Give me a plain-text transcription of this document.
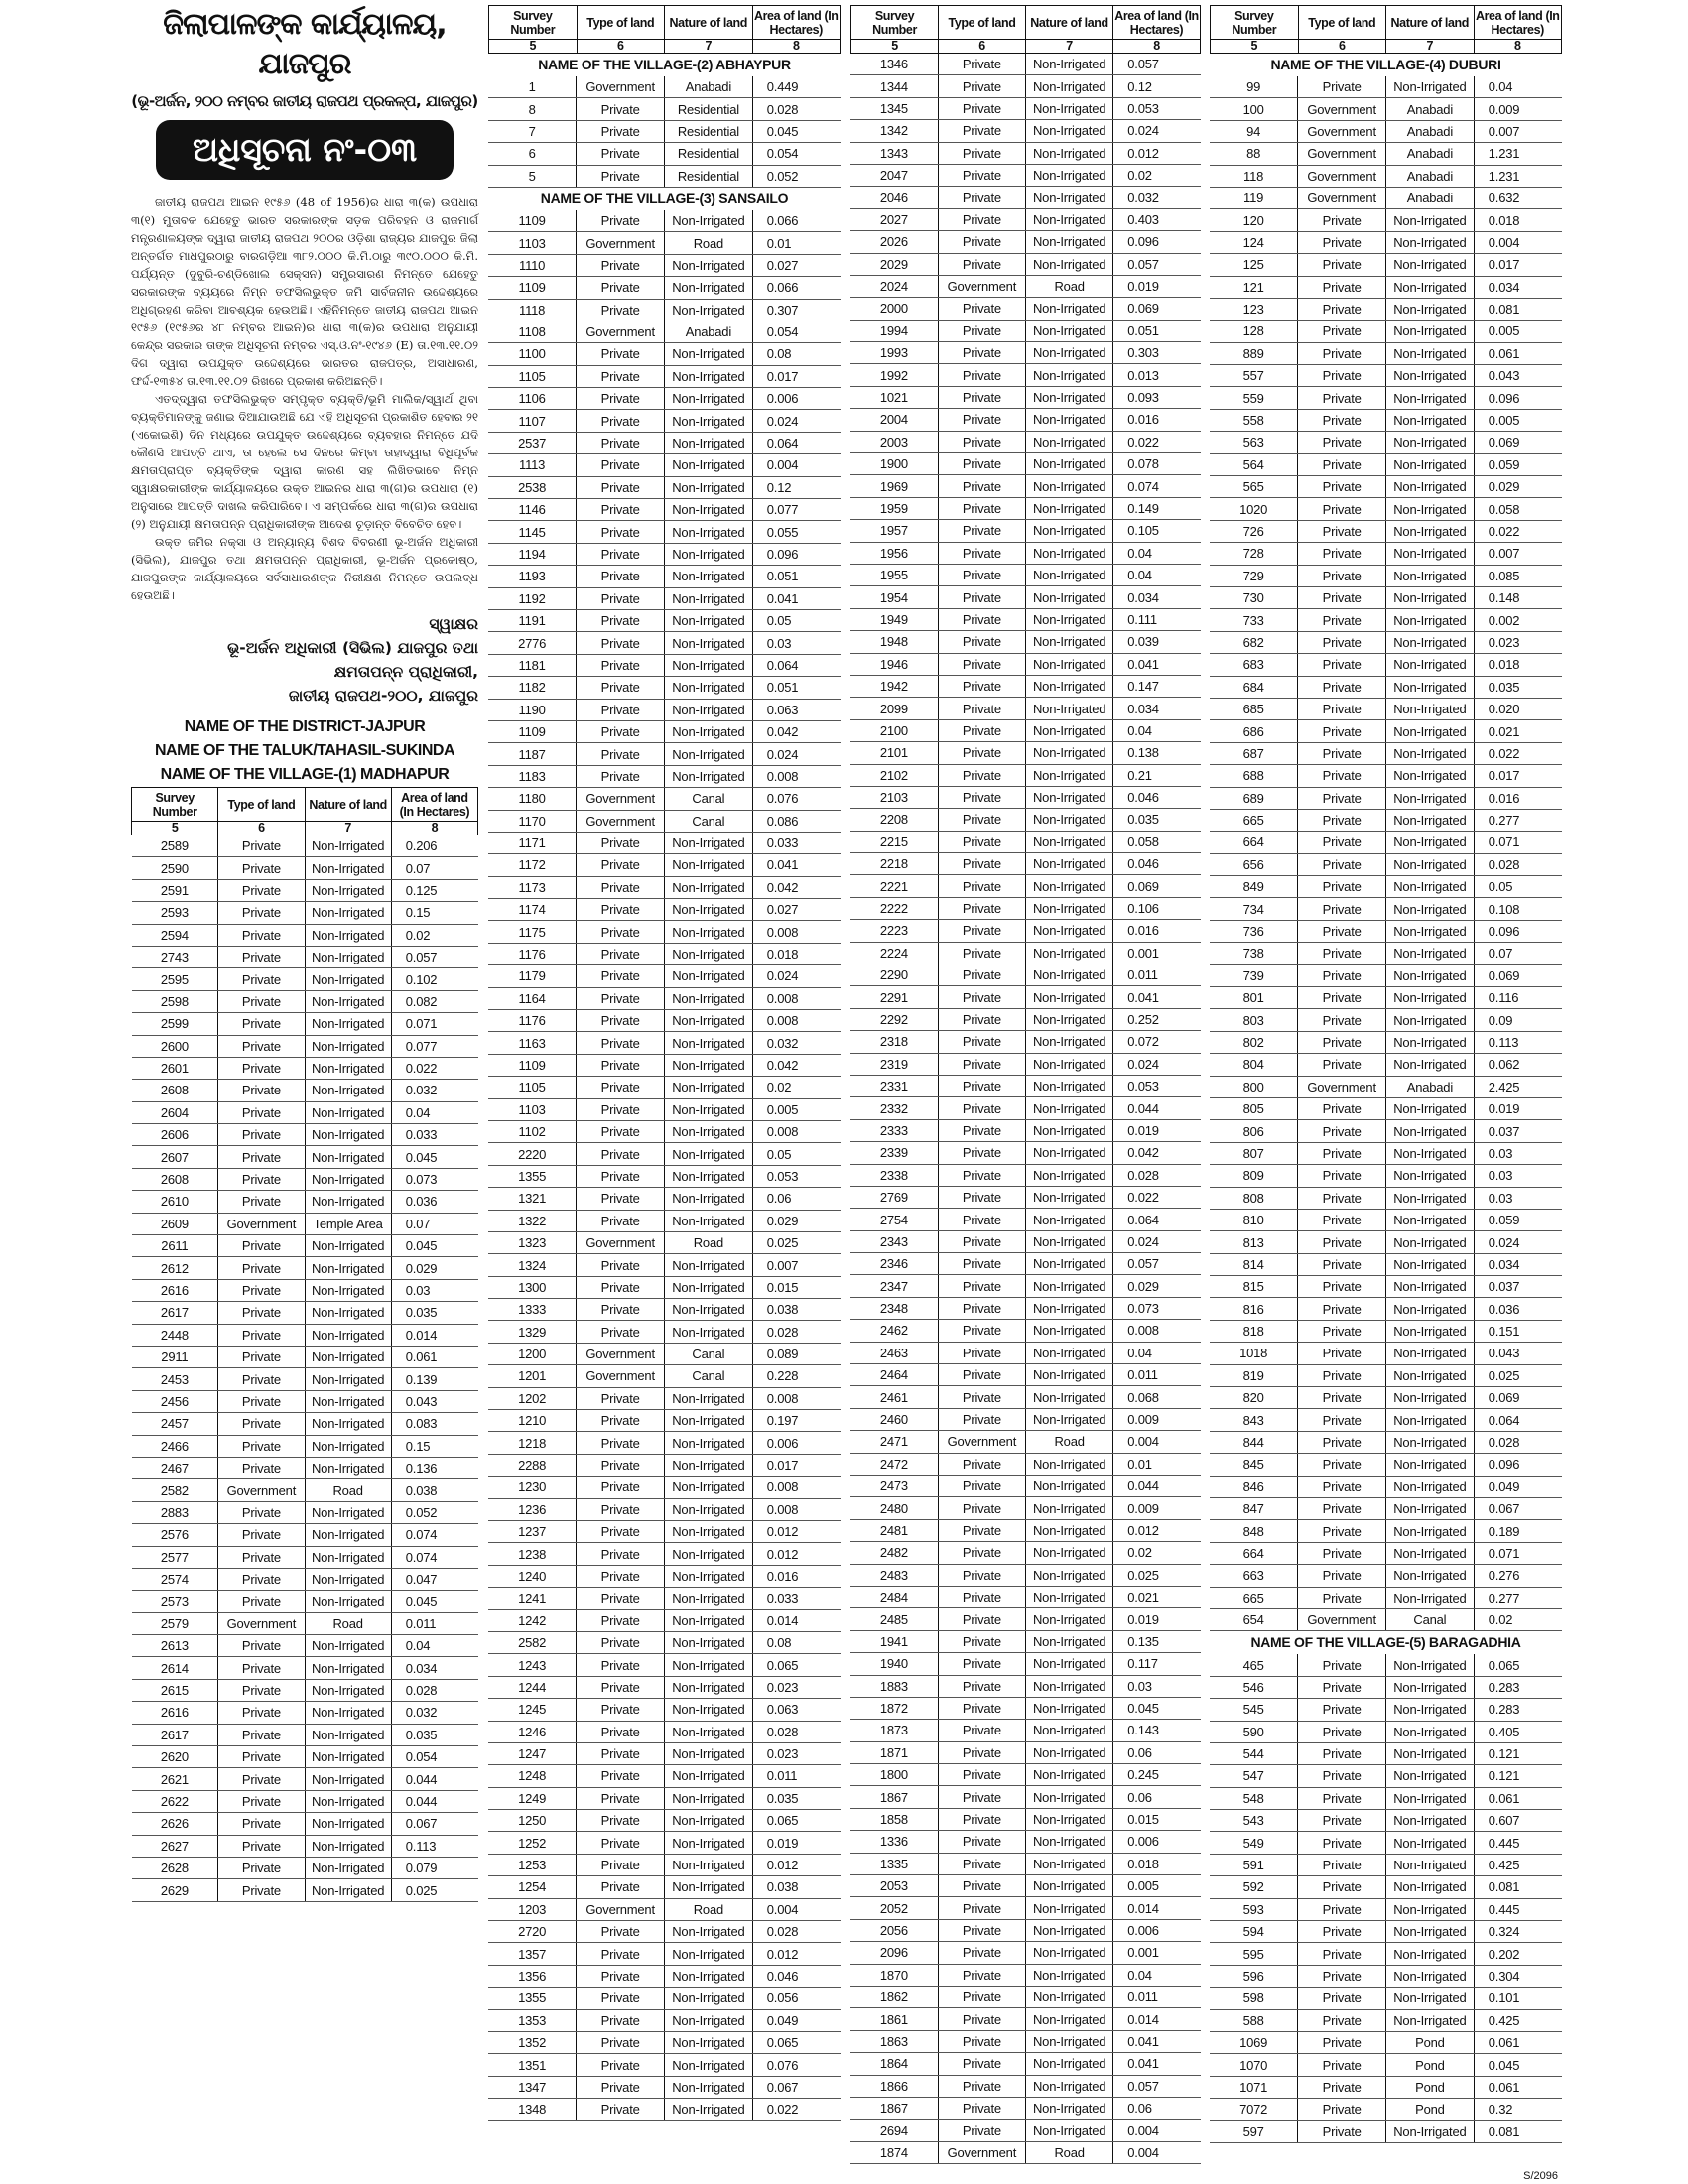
ଜିଲାପାଳଙ୍କ କାର୍ଯ୍ୟାଳୟ, ଯାଜପୁର
(ଭୂ-ଅର୍ଜନ, ୨୦୦ ନମ୍ବର ଜାତୀୟ ରାଜପଥ ପ୍ରକଳ୍ପ, ଯାଜପୁର)
ଅଧିସୂଚନା ନଂ-୦୩

ଜାତୀୟ ରାଜପଥ ଆଇନ ୧୯୫୬ (48 of 1956)ର ଧାରା ୩(କ) ଉପଧାରା ୩(୧) ମୁତାବକ ଯେହେତୁ ଭାରତ ସରକାରଙ୍କ ସଡ଼କ ପରିବହନ ଓ ରାଜମାର୍ଗ ମନ୍ତ୍ରଣାଳୟଙ୍କ ଦ୍ୱାରା ଜାତୀୟ ରାଜପଥ ୨୦୦ର ଓଡ଼ିଶା ରାଜ୍ୟର ଯାଜପୁର ଜିଲା ଅନ୍ତର୍ଗତ ମାଧପୁରଠାରୁ ବାରଗଡ଼ିଆ ୩୮୨.୦୦୦ କି.ମି.ଠାରୁ ୩୯୦.୦୦୦ କି.ମି. ପର୍ଯ୍ୟନ୍ତ (ଦୁବୁରି-ଚଣ୍ଡିଖୋଲ ସେକ୍ସନ) ସମ୍ପ୍ରସାରଣ ନିମନ୍ତେ ଯେହେତୁ ସରକାରଙ୍କ ବ୍ୟୟରେ ନିମ୍ନ ତଫସିଲଭୁକ୍ତ ଜମି ସାର୍ବଜନୀନ ଉଦ୍ଦେଶ୍ୟରେ ଅଧିଗ୍ରହଣ କରିବା ଆବଶ୍ୟକ ହେଉଅଛି। ଏହିନିମନ୍ତେ ଜାତୀୟ ରାଜପଥ ଆଇନ ୧୯୫୬ (୧୯୫୬ର ୪୮ ନମ୍ବର ଆଇନ)ର ଧାରା ୩(କ)ର ଉପଧାରା ଅନୁଯାୟୀ କେନ୍ଦ୍ର ସରକାର ତାଙ୍କ ଅଧିସୂଚନା ନମ୍ବର ଏସ୍.ଓ.ନଂ-୧୯୪୬ (E) ତା.୧୩.୧୧.୦୨ ଦିଗ ଦ୍ୱାରା ଉପଯୁକ୍ତ ଉଦ୍ଦେଶ୍ୟରେ ଭାରତର ରାଜପତ୍ର, ଅସାଧାରଣ, ଫର୍ଦ୍ଦ-୧୩୫୪ ତା.୧୩.୧୧.୦୨ ରିଖରେ ପ୍ରକାଶ କରିଅଛନ୍ତି।

ଏତଦ୍‌ଦ୍ୱାରା ତଫସିଲଭୁକ୍ତ ସମ୍ପୃକ୍ତ ବ୍ୟକ୍ତି/ଭୂମି ମାଲିକ/ସ୍ୱାର୍ଥ ଥିବା ବ୍ୟକ୍ତିମାନଙ୍କୁ ଜଣାଇ ଦିଆଯାଉଅଛି ଯେ ଏହି ଅଧିସୂଚନା ପ୍ରକାଶିତ ହେବାର ୨୧ (ଏକୋଇଶି) ଦିନ ମଧ୍ୟରେ ଉପଯୁକ୍ତ ଉଦ୍ଦେଶ୍ୟରେ ବ୍ୟବହାର ନିମନ୍ତେ ଯଦି କୌଣସି ଆପତ୍ତି ଥାଏ, ତା ହେଲେ ସେ ଦିନରେ କିମ୍ବା ତାହାଦ୍ୱାରା ବିଧିପୂର୍ବକ କ୍ଷମତାପ୍ରାପ୍ତ ବ୍ୟକ୍ତିଙ୍କ ଦ୍ୱାରା କାରଣ ସହ ଲିଖିତଭାବେ ନିମ୍ନ ସ୍ୱାକ୍ଷରକାରୀଙ୍କ କାର୍ଯ୍ୟାଳୟରେ ଉକ୍ତ ଆଇନର ଧାରା ୩(ଗ)ର ଉପଧାରା (୧) ଅନୁସାରେ ଆପତ୍ତି ଦାଖଲ କରିପାରିବେ। ଏ ସମ୍ପର୍କରେ ଧାରା ୩(ଗ)ର ଉପଧାରା (୨) ଅନୁଯାୟୀ କ୍ଷମତାପନ୍ନ ପ୍ରାଧିକାରୀଙ୍କ ଆଦେଶ ଚୂଡ଼ାନ୍ତ ବିବେଚିତ ହେବ।

ଉକ୍ତ ଜମିର ନକ୍ସା ଓ ଅନ୍ୟାନ୍ୟ ବିଶଦ ବିବରଣୀ ଭୂ-ଅର୍ଜନ ଅଧିକାରୀ (ସିଭିଲ), ଯାଜପୁର ତଥା କ୍ଷମତାପନ୍ନ ପ୍ରାଧିକାରୀ, ଭୂ-ଅର୍ଜନ ପ୍ରକୋଷ୍ଠ, ଯାଜପୁରଙ୍କ କାର୍ଯ୍ୟାଳୟରେ ସର୍ବସାଧାରଣଙ୍କ ନିରୀକ୍ଷଣ ନିମନ୍ତେ ଉପଲବ୍ଧ ହେଉଅଛି।

ସ୍ୱାକ୍ଷର
ଭୂ-ଅର୍ଜନ ଅଧିକାରୀ (ସିଭିଲ) ଯାଜପୁର ତଥା
କ୍ଷମତାପନ୍ନ ପ୍ରାଧିକାରୀ,
ଜାତୀୟ ରାଜପଥ-୨୦୦, ଯାଜପୁର
NAME OF THE DISTRICT-JAJPUR
NAME OF THE TALUK/TAHASIL-SUKINDA
NAME OF THE VILLAGE-(1) MADHAPUR
Survey Number	Type of land	Nature of land	Area of land (In Hectares)
5	6	7	8
2589	Private	Non-Irrigated	0.206
2590	Private	Non-Irrigated	0.07
2591	Private	Non-Irrigated	0.125
2593	Private	Non-Irrigated	0.15
2594	Private	Non-Irrigated	0.02
2743	Private	Non-Irrigated	0.057
2595	Private	Non-Irrigated	0.102
2598	Private	Non-Irrigated	0.082
2599	Private	Non-Irrigated	0.071
2600	Private	Non-Irrigated	0.077
2601	Private	Non-Irrigated	0.022
2608	Private	Non-Irrigated	0.032
2604	Private	Non-Irrigated	0.04
2606	Private	Non-Irrigated	0.033
2607	Private	Non-Irrigated	0.045
2608	Private	Non-Irrigated	0.073
2610	Private	Non-Irrigated	0.036
2609	Government	Temple Area	0.07
2611	Private	Non-Irrigated	0.045
2612	Private	Non-Irrigated	0.029
2616	Private	Non-Irrigated	0.03
2617	Private	Non-Irrigated	0.035
2448	Private	Non-Irrigated	0.014
2911	Private	Non-Irrigated	0.061
2453	Private	Non-Irrigated	0.139
2456	Private	Non-Irrigated	0.043
2457	Private	Non-Irrigated	0.083
2466	Private	Non-Irrigated	0.15
2467	Private	Non-Irrigated	0.136
2582	Government	Road	0.038
2883	Private	Non-Irrigated	0.052
2576	Private	Non-Irrigated	0.074
2577	Private	Non-Irrigated	0.074
2574	Private	Non-Irrigated	0.047
2573	Private	Non-Irrigated	0.045
2579	Government	Road	0.011
2613	Private	Non-Irrigated	0.04
2614	Private	Non-Irrigated	0.034
2615	Private	Non-Irrigated	0.028
2616	Private	Non-Irrigated	0.032
2617	Private	Non-Irrigated	0.035
2620	Private	Non-Irrigated	0.054
2621	Private	Non-Irrigated	0.044
2622	Private	Non-Irrigated	0.044
2626	Private	Non-Irrigated	0.067
2627	Private	Non-Irrigated	0.113
2628	Private	Non-Irrigated	0.079
2629	Private	Non-Irrigated	0.025
Survey Number	Type of land	Nature of land	Area of land (In Hectares)
5	6	7	8
NAME OF THE VILLAGE-(2) ABHAYPUR
1	Government	Anabadi	0.449
8	Private	Residential	0.028
7	Private	Residential	0.045
6	Private	Residential	0.054
5	Private	Residential	0.052
NAME OF THE VILLAGE-(3) SANSAILO
1109	Private	Non-Irrigated	0.066
1103	Government	Road	0.01
1110	Private	Non-Irrigated	0.027
1109	Private	Non-Irrigated	0.066
1118	Private	Non-Irrigated	0.307
1108	Government	Anabadi	0.054
1100	Private	Non-Irrigated	0.08
1105	Private	Non-Irrigated	0.017
1106	Private	Non-Irrigated	0.006
1107	Private	Non-Irrigated	0.024
2537	Private	Non-Irrigated	0.064
1113	Private	Non-Irrigated	0.004
2538	Private	Non-Irrigated	0.12
1146	Private	Non-Irrigated	0.077
1145	Private	Non-Irrigated	0.055
1194	Private	Non-Irrigated	0.096
1193	Private	Non-Irrigated	0.051
1192	Private	Non-Irrigated	0.041
1191	Private	Non-Irrigated	0.05
2776	Private	Non-Irrigated	0.03
1181	Private	Non-Irrigated	0.064
1182	Private	Non-Irrigated	0.051
1190	Private	Non-Irrigated	0.063
1109	Private	Non-Irrigated	0.042
1187	Private	Non-Irrigated	0.024
1183	Private	Non-Irrigated	0.008
1180	Government	Canal	0.076
1170	Government	Canal	0.086
1171	Private	Non-Irrigated	0.033
1172	Private	Non-Irrigated	0.041
1173	Private	Non-Irrigated	0.042
1174	Private	Non-Irrigated	0.027
1175	Private	Non-Irrigated	0.008
1176	Private	Non-Irrigated	0.018
1179	Private	Non-Irrigated	0.024
1164	Private	Non-Irrigated	0.008
1176	Private	Non-Irrigated	0.008
1163	Private	Non-Irrigated	0.032
1109	Private	Non-Irrigated	0.042
1105	Private	Non-Irrigated	0.02
1103	Private	Non-Irrigated	0.005
1102	Private	Non-Irrigated	0.008
2220	Private	Non-Irrigated	0.05
1355	Private	Non-Irrigated	0.053
1321	Private	Non-Irrigated	0.06
1322	Private	Non-Irrigated	0.029
1323	Government	Road	0.025
1324	Private	Non-Irrigated	0.007
1300	Private	Non-Irrigated	0.015
1333	Private	Non-Irrigated	0.038
1329	Private	Non-Irrigated	0.028
1200	Government	Canal	0.089
1201	Government	Canal	0.228
1202	Private	Non-Irrigated	0.008
1210	Private	Non-Irrigated	0.197
1218	Private	Non-Irrigated	0.006
2288	Private	Non-Irrigated	0.017
1230	Private	Non-Irrigated	0.008
1236	Private	Non-Irrigated	0.008
1237	Private	Non-Irrigated	0.012
1238	Private	Non-Irrigated	0.012
1240	Private	Non-Irrigated	0.016
1241	Private	Non-Irrigated	0.033
1242	Private	Non-Irrigated	0.014
2582	Private	Non-Irrigated	0.08
1243	Private	Non-Irrigated	0.065
1244	Private	Non-Irrigated	0.023
1245	Private	Non-Irrigated	0.063
1246	Private	Non-Irrigated	0.028
1247	Private	Non-Irrigated	0.023
1248	Private	Non-Irrigated	0.011
1249	Private	Non-Irrigated	0.035
1250	Private	Non-Irrigated	0.065
1252	Private	Non-Irrigated	0.019
1253	Private	Non-Irrigated	0.012
1254	Private	Non-Irrigated	0.038
1203	Government	Road	0.004
2720	Private	Non-Irrigated	0.028
1357	Private	Non-Irrigated	0.012
1356	Private	Non-Irrigated	0.046
1355	Private	Non-Irrigated	0.056
1353	Private	Non-Irrigated	0.049
1352	Private	Non-Irrigated	0.065
1351	Private	Non-Irrigated	0.076
1347	Private	Non-Irrigated	0.067
1348	Private	Non-Irrigated	0.022
Survey Number	Type of land	Nature of land	Area of land (In Hectares)
5	6	7	8
1346	Private	Non-Irrigated	0.057
1344	Private	Non-Irrigated	0.12
1345	Private	Non-Irrigated	0.053
1342	Private	Non-Irrigated	0.024
1343	Private	Non-Irrigated	0.012
2047	Private	Non-Irrigated	0.02
2046	Private	Non-Irrigated	0.032
2027	Private	Non-Irrigated	0.403
2026	Private	Non-Irrigated	0.096
2029	Private	Non-Irrigated	0.057
2024	Government	Road	0.019
2000	Private	Non-Irrigated	0.069
1994	Private	Non-Irrigated	0.051
1993	Private	Non-Irrigated	0.303
1992	Private	Non-Irrigated	0.013
1021	Private	Non-Irrigated	0.093
2004	Private	Non-Irrigated	0.016
2003	Private	Non-Irrigated	0.022
1900	Private	Non-Irrigated	0.078
1969	Private	Non-Irrigated	0.074
1959	Private	Non-Irrigated	0.149
1957	Private	Non-Irrigated	0.105
1956	Private	Non-Irrigated	0.04
1955	Private	Non-Irrigated	0.04
1954	Private	Non-Irrigated	0.034
1949	Private	Non-Irrigated	0.111
1948	Private	Non-Irrigated	0.039
1946	Private	Non-Irrigated	0.041
1942	Private	Non-Irrigated	0.147
2099	Private	Non-Irrigated	0.034
2100	Private	Non-Irrigated	0.04
2101	Private	Non-Irrigated	0.138
2102	Private	Non-Irrigated	0.21
2103	Private	Non-Irrigated	0.046
2208	Private	Non-Irrigated	0.035
2215	Private	Non-Irrigated	0.058
2218	Private	Non-Irrigated	0.046
2221	Private	Non-Irrigated	0.069
2222	Private	Non-Irrigated	0.106
2223	Private	Non-Irrigated	0.016
2224	Private	Non-Irrigated	0.001
2290	Private	Non-Irrigated	0.011
2291	Private	Non-Irrigated	0.041
2292	Private	Non-Irrigated	0.252
2318	Private	Non-Irrigated	0.072
2319	Private	Non-Irrigated	0.024
2331	Private	Non-Irrigated	0.053
2332	Private	Non-Irrigated	0.044
2333	Private	Non-Irrigated	0.019
2339	Private	Non-Irrigated	0.042
2338	Private	Non-Irrigated	0.028
2769	Private	Non-Irrigated	0.022
2754	Private	Non-Irrigated	0.064
2343	Private	Non-Irrigated	0.024
2346	Private	Non-Irrigated	0.057
2347	Private	Non-Irrigated	0.029
2348	Private	Non-Irrigated	0.073
2462	Private	Non-Irrigated	0.008
2463	Private	Non-Irrigated	0.04
2464	Private	Non-Irrigated	0.011
2461	Private	Non-Irrigated	0.068
2460	Private	Non-Irrigated	0.009
2471	Government	Road	0.004
2472	Private	Non-Irrigated	0.01
2473	Private	Non-Irrigated	0.044
2480	Private	Non-Irrigated	0.009
2481	Private	Non-Irrigated	0.012
2482	Private	Non-Irrigated	0.02
2483	Private	Non-Irrigated	0.025
2484	Private	Non-Irrigated	0.021
2485	Private	Non-Irrigated	0.019
1941	Private	Non-Irrigated	0.135
1940	Private	Non-Irrigated	0.117
1883	Private	Non-Irrigated	0.03
1872	Private	Non-Irrigated	0.045
1873	Private	Non-Irrigated	0.143
1871	Private	Non-Irrigated	0.06
1800	Private	Non-Irrigated	0.245
1867	Private	Non-Irrigated	0.06
1858	Private	Non-Irrigated	0.015
1336	Private	Non-Irrigated	0.006
1335	Private	Non-Irrigated	0.018
2053	Private	Non-Irrigated	0.005
2052	Private	Non-Irrigated	0.014
2056	Private	Non-Irrigated	0.006
2096	Private	Non-Irrigated	0.001
1870	Private	Non-Irrigated	0.04
1862	Private	Non-Irrigated	0.011
1861	Private	Non-Irrigated	0.014
1863	Private	Non-Irrigated	0.041
1864	Private	Non-Irrigated	0.041
1866	Private	Non-Irrigated	0.057
1867	Private	Non-Irrigated	0.06
2694	Private	Non-Irrigated	0.004
1874	Government	Road	0.004
Survey Number	Type of land	Nature of land	Area of land (In Hectares)
5	6	7	8
NAME OF THE VILLAGE-(4) DUBURI
99	Private	Non-Irrigated	0.04
100	Government	Anabadi	0.009
94	Government	Anabadi	0.007
88	Government	Anabadi	1.231
118	Government	Anabadi	1.231
119	Government	Anabadi	0.632
120	Private	Non-Irrigated	0.018
124	Private	Non-Irrigated	0.004
125	Private	Non-Irrigated	0.017
121	Private	Non-Irrigated	0.034
123	Private	Non-Irrigated	0.081
128	Private	Non-Irrigated	0.005
889	Private	Non-Irrigated	0.061
557	Private	Non-Irrigated	0.043
559	Private	Non-Irrigated	0.096
558	Private	Non-Irrigated	0.005
563	Private	Non-Irrigated	0.069
564	Private	Non-Irrigated	0.059
565	Private	Non-Irrigated	0.029
1020	Private	Non-Irrigated	0.058
726	Private	Non-Irrigated	0.022
728	Private	Non-Irrigated	0.007
729	Private	Non-Irrigated	0.085
730	Private	Non-Irrigated	0.148
733	Private	Non-Irrigated	0.002
682	Private	Non-Irrigated	0.023
683	Private	Non-Irrigated	0.018
684	Private	Non-Irrigated	0.035
685	Private	Non-Irrigated	0.020
686	Private	Non-Irrigated	0.021
687	Private	Non-Irrigated	0.022
688	Private	Non-Irrigated	0.017
689	Private	Non-Irrigated	0.016
665	Private	Non-Irrigated	0.277
664	Private	Non-Irrigated	0.071
656	Private	Non-Irrigated	0.028
849	Private	Non-Irrigated	0.05
734	Private	Non-Irrigated	0.108
736	Private	Non-Irrigated	0.096
738	Private	Non-Irrigated	0.07
739	Private	Non-Irrigated	0.069
801	Private	Non-Irrigated	0.116
803	Private	Non-Irrigated	0.09
802	Private	Non-Irrigated	0.113
804	Private	Non-Irrigated	0.062
800	Government	Anabadi	2.425
805	Private	Non-Irrigated	0.019
806	Private	Non-Irrigated	0.037
807	Private	Non-Irrigated	0.03
809	Private	Non-Irrigated	0.03
808	Private	Non-Irrigated	0.03
810	Private	Non-Irrigated	0.059
813	Private	Non-Irrigated	0.024
814	Private	Non-Irrigated	0.034
815	Private	Non-Irrigated	0.037
816	Private	Non-Irrigated	0.036
818	Private	Non-Irrigated	0.151
1018	Private	Non-Irrigated	0.043
819	Private	Non-Irrigated	0.025
820	Private	Non-Irrigated	0.069
843	Private	Non-Irrigated	0.064
844	Private	Non-Irrigated	0.028
845	Private	Non-Irrigated	0.096
846	Private	Non-Irrigated	0.049
847	Private	Non-Irrigated	0.067
848	Private	Non-Irrigated	0.189
664	Private	Non-Irrigated	0.071
663	Private	Non-Irrigated	0.276
665	Private	Non-Irrigated	0.277
654	Government	Canal	0.02
NAME OF THE VILLAGE-(5) BARAGADHIA
465	Private	Non-Irrigated	0.065
546	Private	Non-Irrigated	0.283
545	Private	Non-Irrigated	0.283
590	Private	Non-Irrigated	0.405
544	Private	Non-Irrigated	0.121
547	Private	Non-Irrigated	0.121
548	Private	Non-Irrigated	0.061
543	Private	Non-Irrigated	0.607
549	Private	Non-Irrigated	0.445
591	Private	Non-Irrigated	0.425
592	Private	Non-Irrigated	0.081
593	Private	Non-Irrigated	0.445
594	Private	Non-Irrigated	0.324
595	Private	Non-Irrigated	0.202
596	Private	Non-Irrigated	0.304
598	Private	Non-Irrigated	0.101
588	Private	Non-Irrigated	0.425
1069	Private	Pond	0.061
1070	Private	Pond	0.045
1071	Private	Pond	0.061
7072	Private	Pond	0.32
597	Private	Non-Irrigated	0.081
S/2096
